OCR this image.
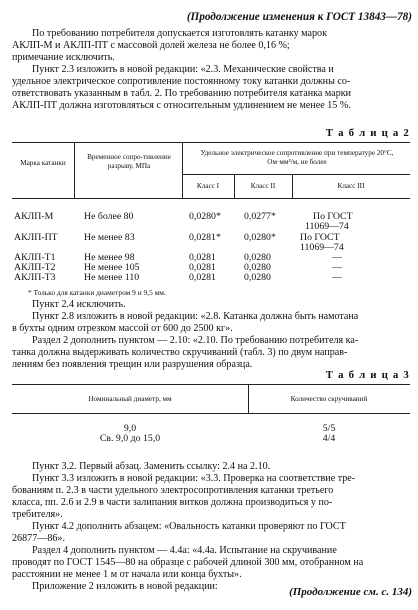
(Продолжение изменения к ГОСТ 13843—78)
По требованию потребителя допускается изготовлять катанку марок
АКЛП-М и АКЛП-ПТ с массовой долей железа не более 0,16 %;
примечание исключить.
Пункт 2.3 изложить в новой редакции: «2.3. Механические свойства и
удельное электрическое сопротивление постоянному току катанки должны со-
ответствовать указанным в табл. 2. По требованию потребителя катанка марки
АКЛП-ПТ должна изготовляться с относительным удлинением не менее 15 %.
Т а б л и ц а 2
Марка катанки
Временное сопро-тивление разрыву, МПа
Удельное электрическое сопротивление при температуре 20°С, Ом·мм²/м, не более
Класс I	Класс II	Класс III
АКЛП-М	Не более 80	0,0280* 0,0277*	По ГОСТ
11069—74
АКЛП-ПТ	Не менее 83	0,0281* 0,0280* По ГОСТ
11069—74
АКЛП-Т1	Не менее 98	0,0281	0,0280	—
АКЛП-Т2	Не менее 105	0,0281	0,0280	—
АКЛП-Т3	Не менее 110	0,0281	0,0280	—
* Только для катанки диаметром 9 и 9,5 мм.
Пункт 2.4 исключить.
Пункт 2.8 изложить в новой редакции: «2.8. Катанка должна быть намотана
в бухты одним отрезком массой от 600 до 2500 кг».
Раздел 2 дополнить пунктом — 2.10: «2.10. По требованию потребителя ка-
танка должна выдерживать количество скручиваний (табл. 3) по двум направ-
лениям без появления трещин или разрушения образца.
Т а б л и ц а 3
Номинальный диаметр, мм	Количество скручиваний
9,0	5/5
Св. 9,0 до 15,0	4/4
Пункт 3.2. Первый абзац. Заменить ссылку: 2.4 на 2.10.
Пункт 3.3 изложить в новой редакции: «3.3. Проверка на соответствие тре-
бованиям п. 2.3 в части удельного электросопротивления катанки третьего
класса, пп. 2.6 и 2.9 в части залипания витков должна производиться у по-
требителя».
Пункт 4.2 дополнить абзацем: «Овальность катанки проверяют по ГОСТ
26877—86».
Раздел 4 дополнить пунктом — 4.4а: «4.4а. Испытание на скручивание
проводят по ГОСТ 1545—80 на образце с рабочей длиной 300 мм, отобранном на
расстоянии не менее 1 м от начала или конца бухты».
Приложение 2 изложить в новой редакции:	(Продолжение см. с. 134)
